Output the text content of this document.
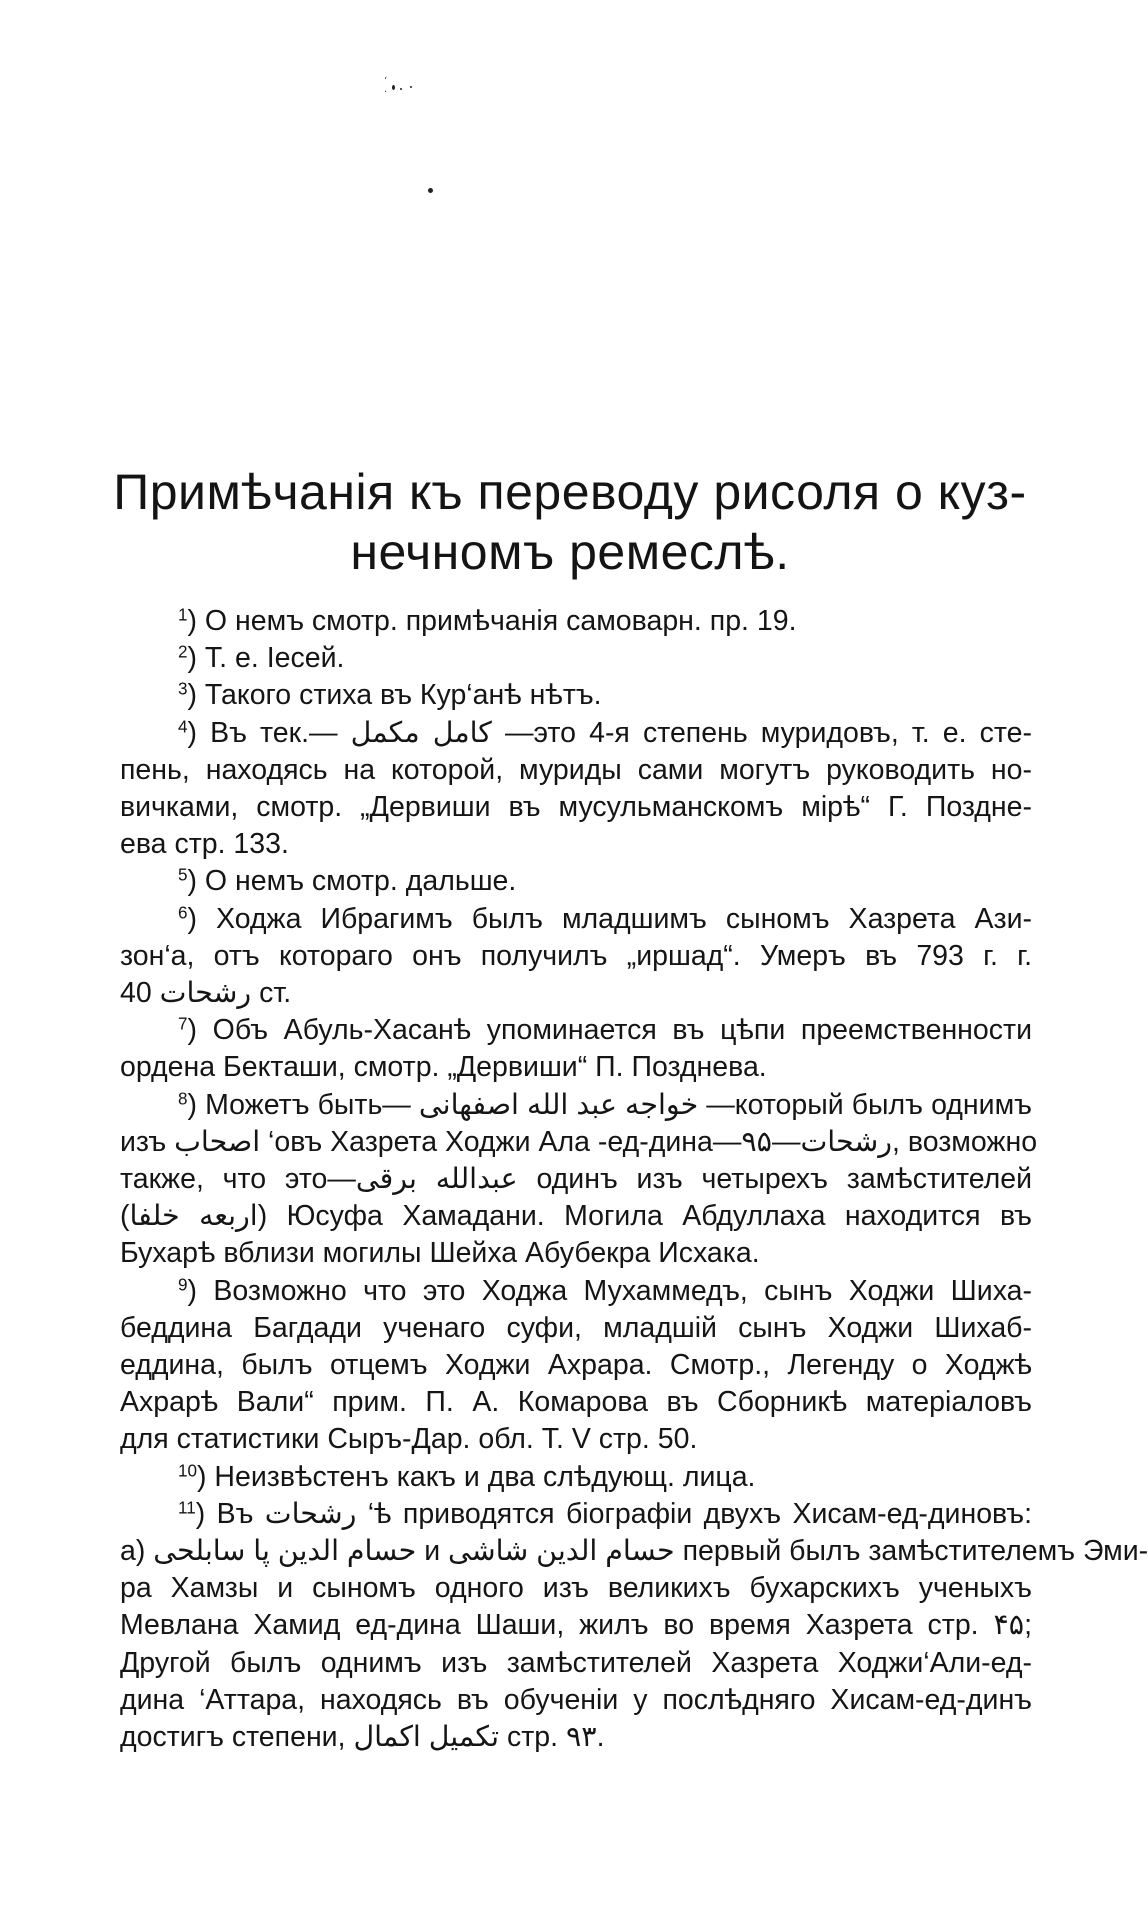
ʻ ·
Примѣчанія къ переводу рисоля о куз-
нечномъ ремеслѣ.
$^1$) О немъ смотр. примѣчанія самоварн. пр. 19.
$^2$) Т. е. Іесей.
$^3$) Такого стиха въ Кур‘анѣ нѣтъ.
$^4$) Въ тек.— کامل مکمل —это 4-я степень муридовъ, т. е. сте-
пень, находясь на которой, муриды сами могутъ руководить но-
вичками, смотр. „Дервиши въ мусульманскомъ мірѣ“ Г. Позднe-
ева стр. 133.
$^5$) О немъ смотр. дальше.
$^6$) Ходжа Ибрагимъ былъ младшимъ сыномъ Хазрета Ази-
зон‘а, отъ котораго онъ получилъ „иршад“. Умеръ въ 793 г. г.
رشحات 40 ст.
$^7$) Объ Абуль-Хасанѣ упоминается въ цѣпи преемственности
ордена Бекташи, смотр. „Дервиши“ П. Позднева.
$^8$) Можетъ быть— خواجه عبد الله اصفهانی —который былъ однимъ
изъ اصحاب ‘овъ Хазрета Ходжи Ала -ед-дина—رشحات—۹۵, возможно
также, что это—عبدالله برقی одинъ изъ четырехъ замѣстителей
(اربعه خلفا) Юсуфа Хамадани. Могила Абдуллаха находится въ
Бухарѣ вблизи могилы Шейха Абубекра Исхака.
$^9$) Возможно что это Ходжа Мухаммедъ, сынъ Ходжи Шиха-
беддина Багдади ученаго суфи, младшій сынъ Ходжи Шихаб-
еддина, былъ отцемъ Ходжи Ахрара. Смотр., Легенду о Ходжѣ
Ахрарѣ Вали“ прим. П. А. Комарова въ Сборникѣ матеріаловъ
для статистики Сыръ-Дар. обл. Т. V стр. 50.
$^{10}$) Неизвѣстенъ какъ и два слѣдующ. лица.
$^{11}$) Въ رشحات ‘ѣ приводятся біографіи двухъ Хисам-ед-диновъ:
а) حسام الدین پا سابلحی и حسام الدین شاشی первый былъ замѣстителемъ Эми-
ра Хамзы и сыномъ одного изъ великихъ бухарскихъ ученыхъ
Мевлана Хамид ед-дина Шаши, жилъ во время Хазрета стр. ۴۵;
Другой былъ однимъ изъ замѣстителей Хазрета Ходжи‘Али-ед-
дина ‘Аттара, находясь въ обученіи у послѣдняго Хисам-ед-динъ
достигъ степени, تکمیل اکمال стр. ۹۳.
